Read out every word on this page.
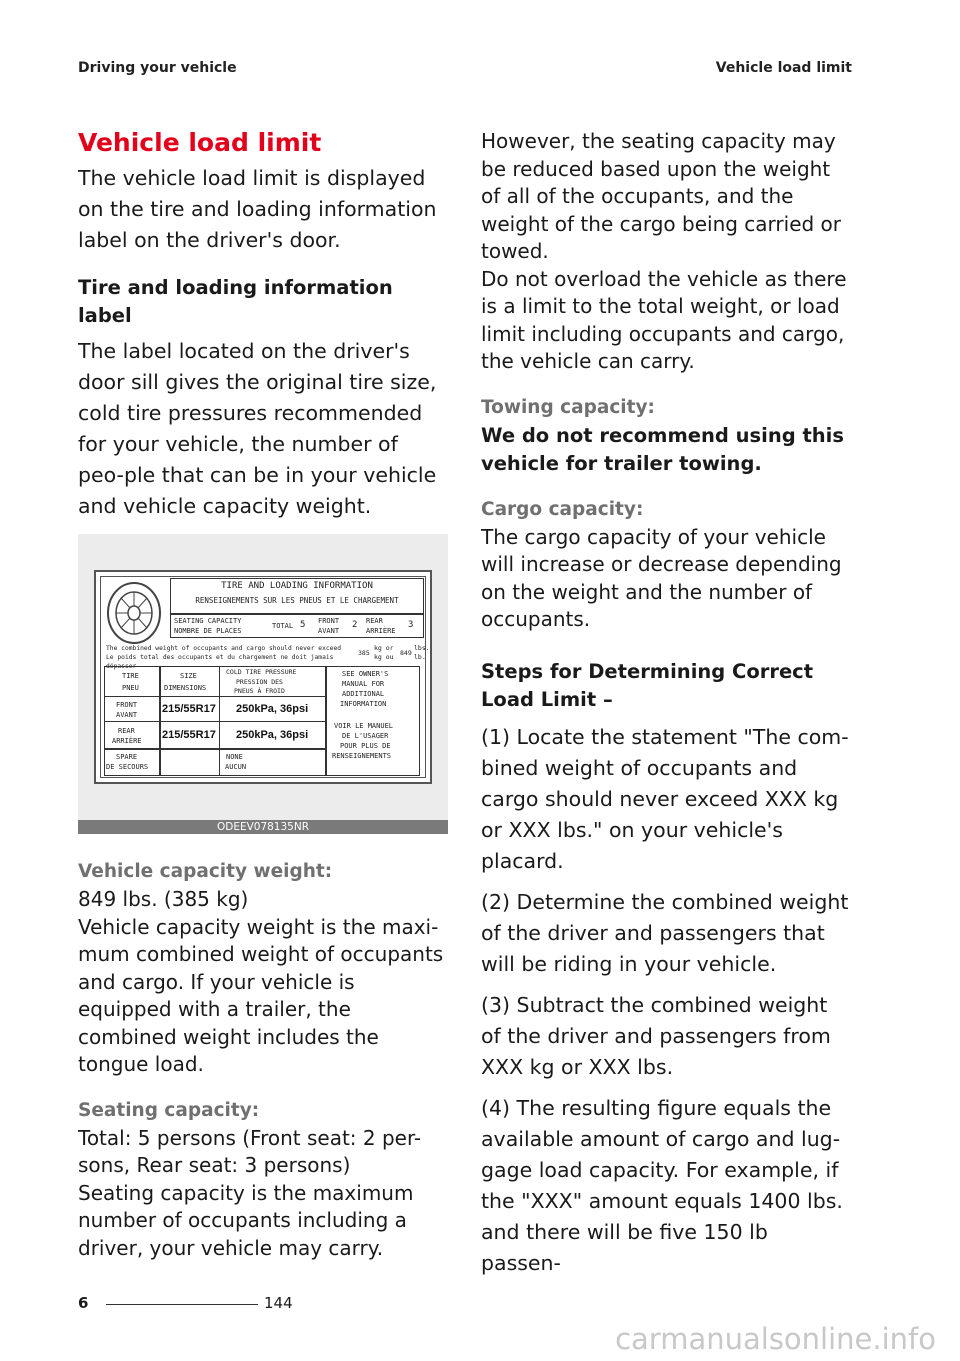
Driving your vehicle	Vehicle load limit
Vehicle load limit

The vehicle load limit is displayed on the tire and loading information label on the driver's door.

Tire and loading information label

The label located on the driver's door sill gives the original tire size, cold tire pressures recommended for your vehicle, the number of peo-ple that can be in your vehicle and vehicle capacity weight.

TIRE AND LOADING INFORMATION
RENSEIGNEMENTS SUR LES PNEUS ET LE CHARGEMENT
SEATING CAPACITY
NOMBRE DE PLACES
TOTAL 5 FRONT
AVANT
2 REAR
ARRIÈRE
3
The combined weight of occupants and cargo should never exceed
Le poids total des occupants et du chargement ne doit jamais dépasser
385
kg or
kg ou 849
lbs.
lb.
TIRE
PNEU
SIZE
DIMENSIONS
COLD TIRE PRESSURE
PRESSION DES
PNEUS À FROID
FRONT
AVANT
REAR
ARRIÈRE
SPARE
DE SECOURS
215/55R17
215/55R17
250kPa, 36psi
250kPa, 36psi
NONE
AUCUN
SEE OWNER'S
MANUAL FOR
ADDITIONAL
INFORMATION
VOIR LE MANUEL
DE L'USAGER
POUR PLUS DE
RENSEIGNEMENTS
ODEEV078135NR

Vehicle capacity weight:

849 lbs. (385 kg)

Vehicle capacity weight is the maxi-mum combined weight of occupants and cargo. If your vehicle is equipped with a trailer, the combined weight includes the tongue load.

Seating capacity:

Total: 5 persons (Front seat: 2 per-sons, Rear seat: 3 persons)

Seating capacity is the maximum number of occupants including a driver, your vehicle may carry.

However, the seating capacity may be reduced based upon the weight of all of the occupants, and the weight of the cargo being carried or towed.

Do not overload the vehicle as there is a limit to the total weight, or load limit including occupants and cargo, the vehicle can carry.

Towing capacity:

We do not recommend using this vehicle for trailer towing.

Cargo capacity:

The cargo capacity of your vehicle will increase or decrease depending on the weight and the number of occupants.

Steps for Determining Correct Load Limit –

(1) Locate the statement "The com-bined weight of occupants and cargo should never exceed XXX kg or XXX lbs." on your vehicle's placard.

(2) Determine the combined weight of the driver and passengers that will be riding in your vehicle.

(3) Subtract the combined weight of the driver and passengers from XXX kg or XXX lbs.

(4) The resulting figure equals the available amount of cargo and lug-gage load capacity. For example, if the "XXX" amount equals 1400 lbs. and there will be five 150 lb passen-

6	144
carmanualsonline.info
